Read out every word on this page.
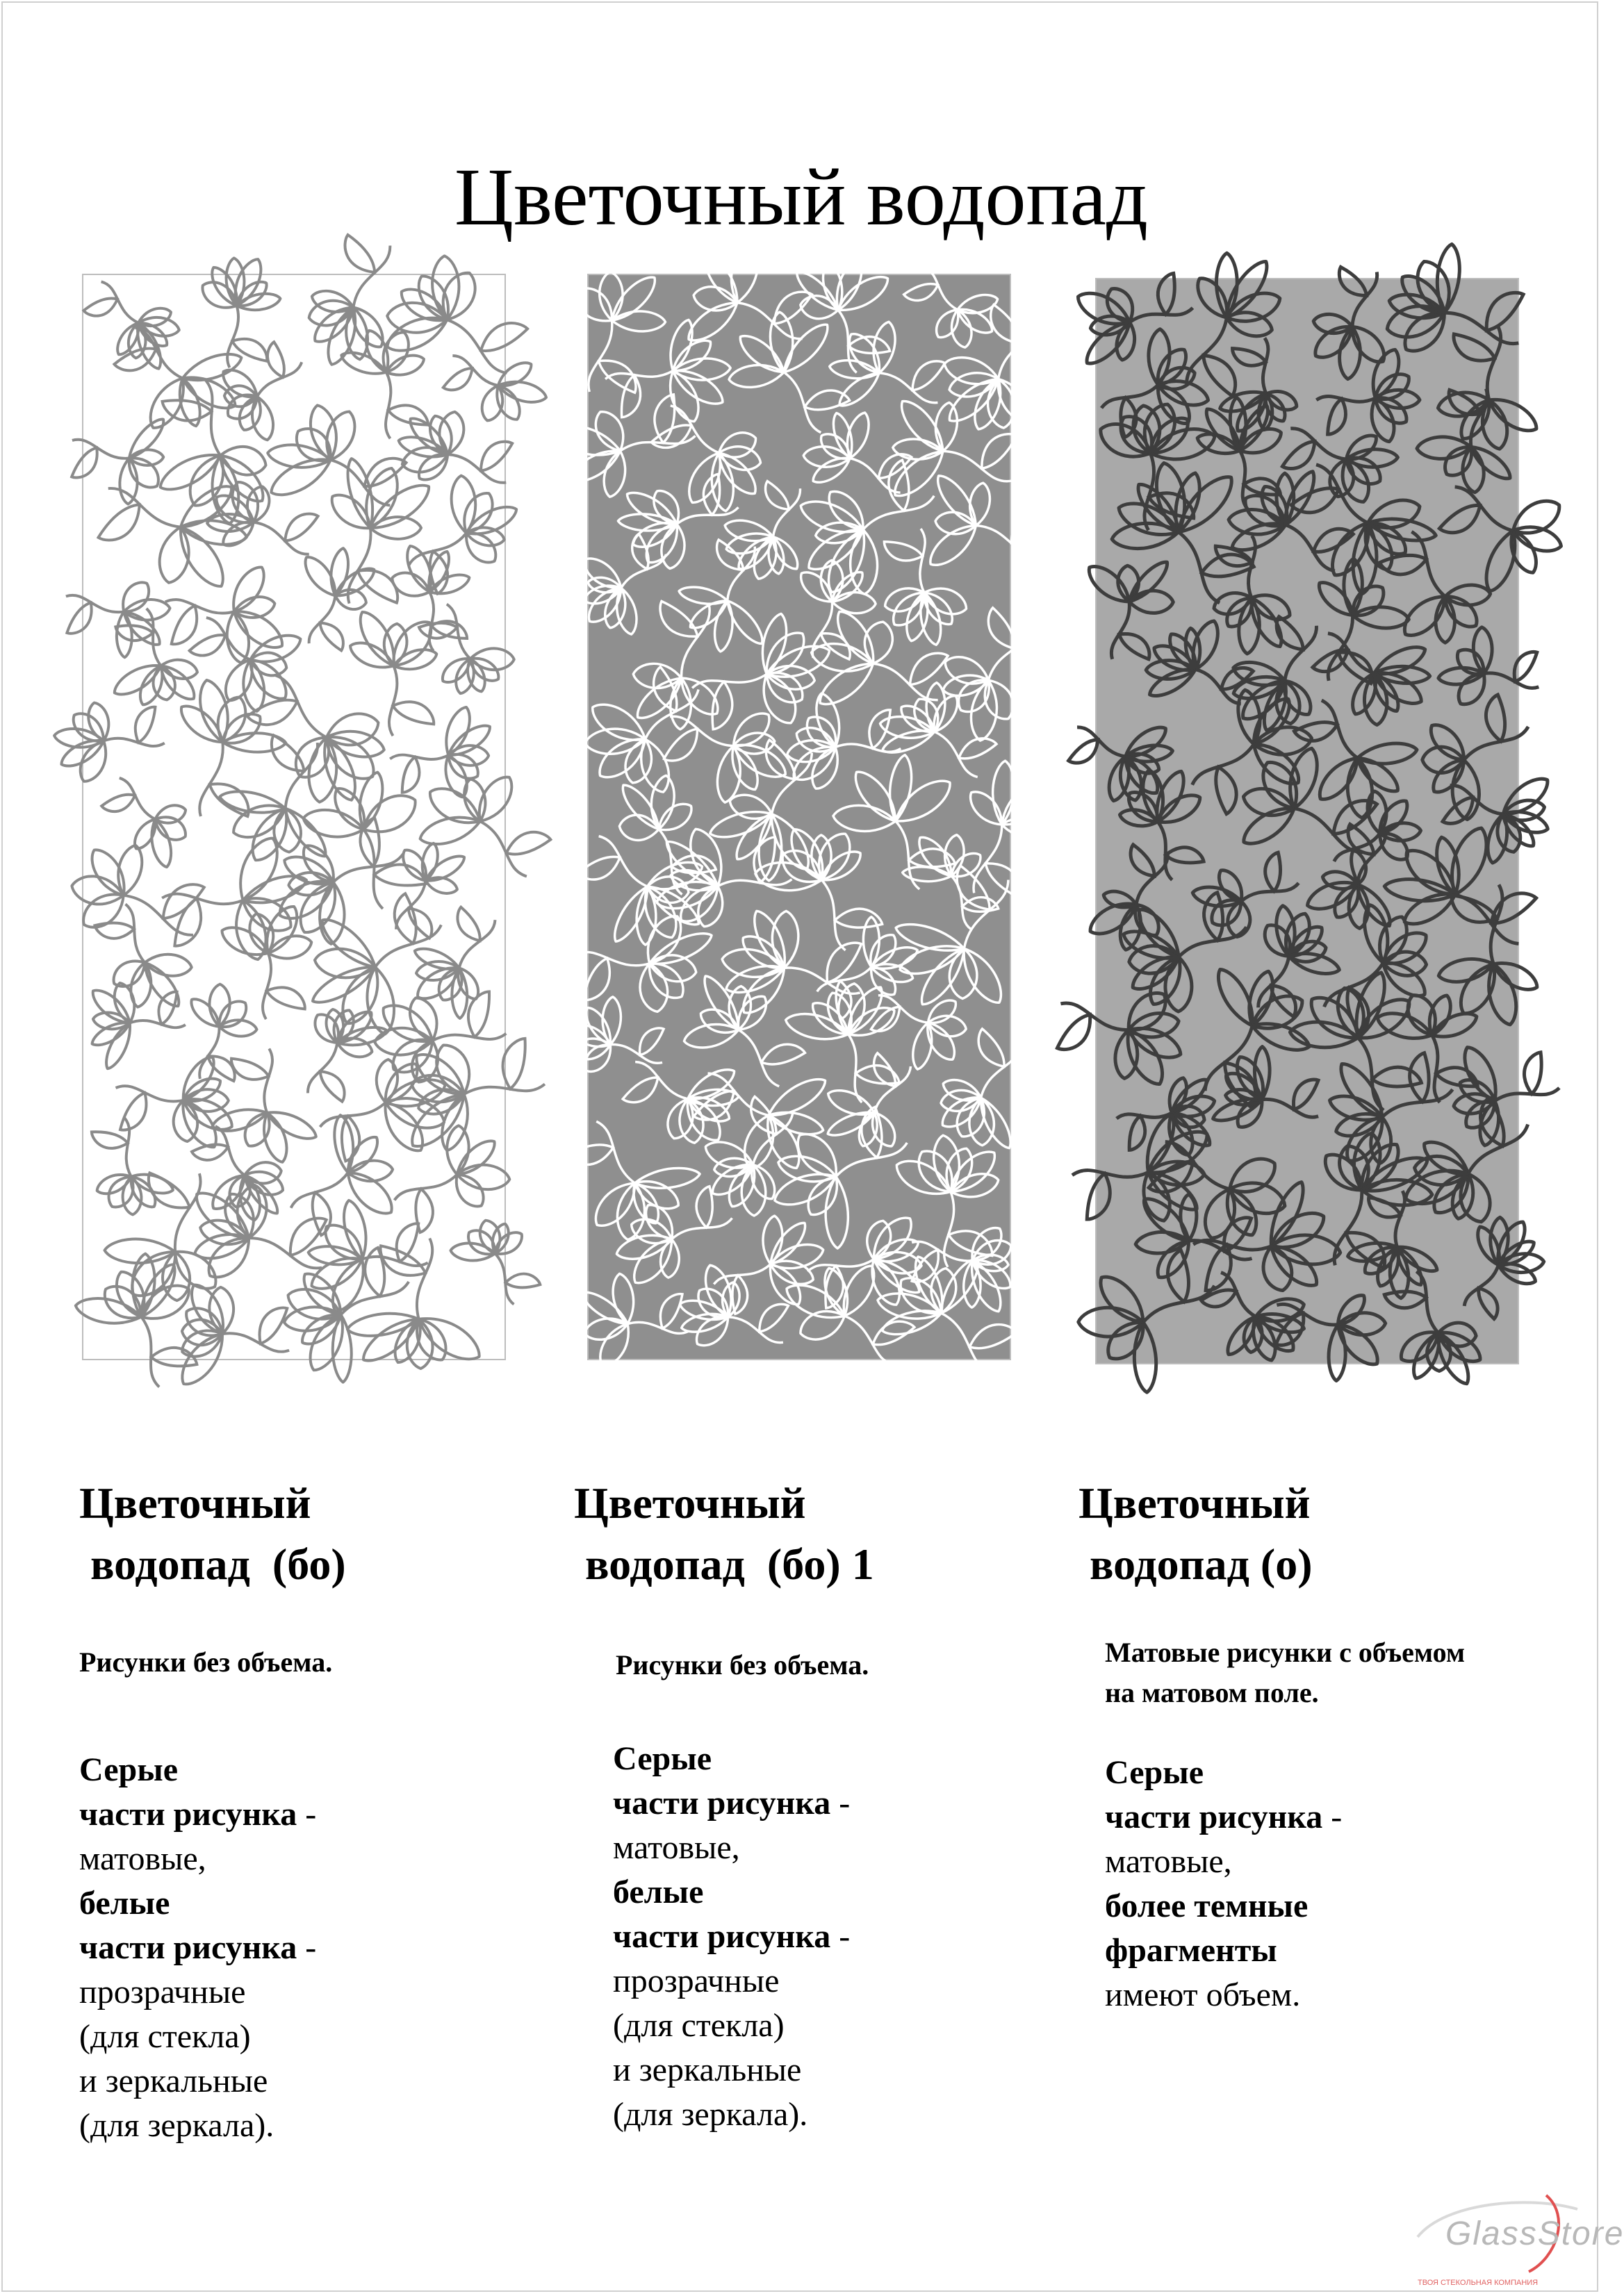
Цветочный водопад
Цветочный

водопад  (бо)
Рисунки без объема.
Серые
части рисунка -
матовые,
белые
части рисунка -
прозрачные
(для стекла)
и зеркальные
(для зеркала).
Цветочный

водопад  (бо) 1
Рисунки без объема.
Серые
части рисунка -
матовые,
белые
части рисунка -
прозрачные
(для стекла)
и зеркальные
(для зеркала).
Цветочный

водопад (о)
Матовые рисунки с объемом
на матовом поле.
Серые
части рисунка -
матовые,
более темные
фрагменты
имеют объем.
GlassStore
ТВОЯ СТЕКОЛЬНАЯ КОМПАНИЯ
